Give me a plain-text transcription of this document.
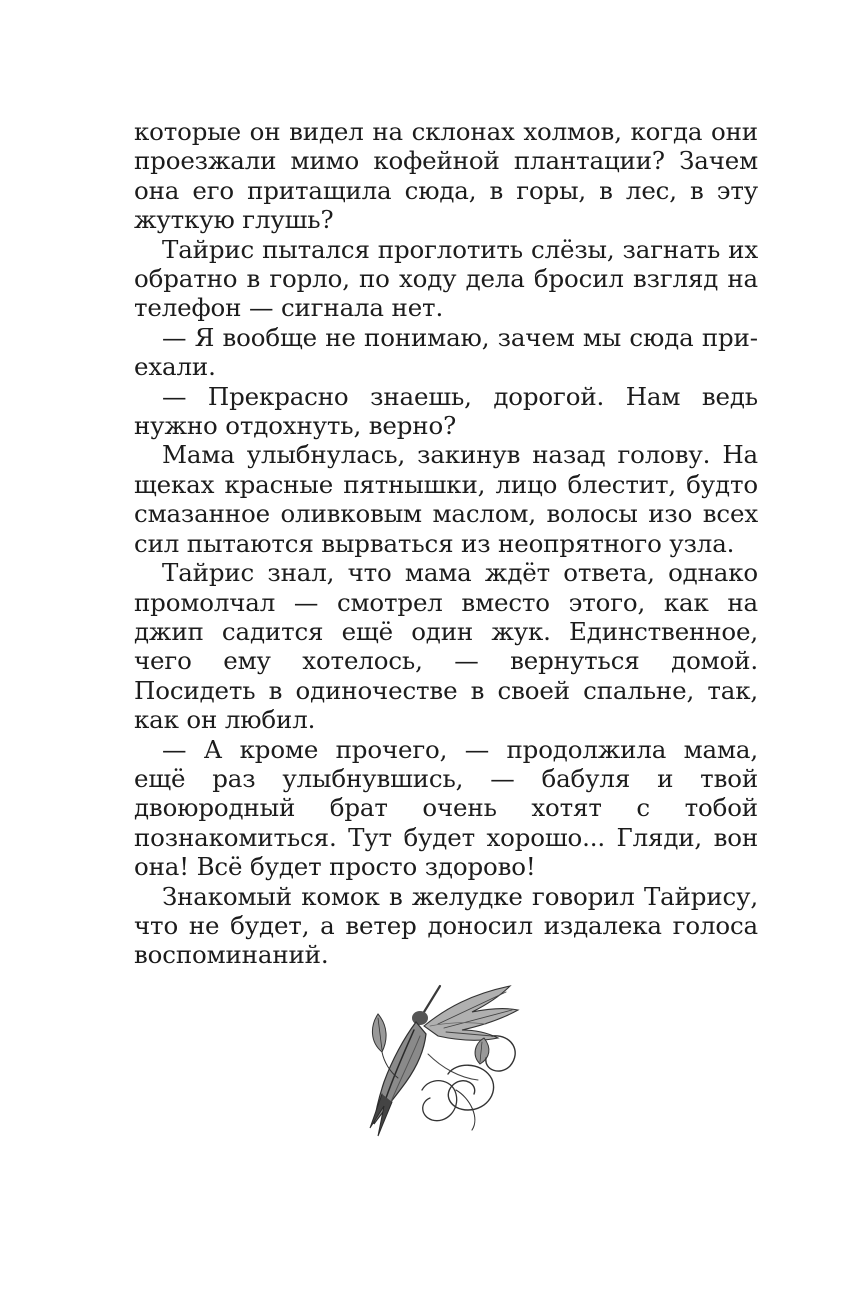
которые он видел на склонах холмов, когда они проезжали мимо кофейной плантации? Зачем она его притащила сюда, в горы, в лес, в эту жуткую глушь?

Тайрис пытался проглотить слёзы, загнать их обратно в горло, по ходу дела бросил взгляд на телефон — сигнала нет.

— Я вообще не понимаю, зачем мы сюда приехали.

— Прекрасно знаешь, дорогой. Нам ведь нужно отдохнуть, верно?

Мама улыбнулась, закинув назад голову. На щеках красные пятнышки, лицо блестит, будто смазанное оливковым маслом, волосы изо всех сил пытаются вырваться из неопрятного узла.

Тайрис знал, что мама ждёт ответа, однако промолчал — смотрел вместо этого, как на джип садится ещё один жук. Единственное, чего ему хотелось, — вернуться домой. Посидеть в одиночестве в своей спальне, так, как он любил.

— А кроме прочего, — продолжила мама, ещё раз улыбнувшись, — бабуля и твой двоюродный брат очень хотят с тобой познакомиться. Тут будет хорошо... Гляди, вон она! Всё будет просто здорово!

Знакомый комок в желудке говорил Тайрису, что не будет, а ветер доносил издалека голоса воспоминаний.
